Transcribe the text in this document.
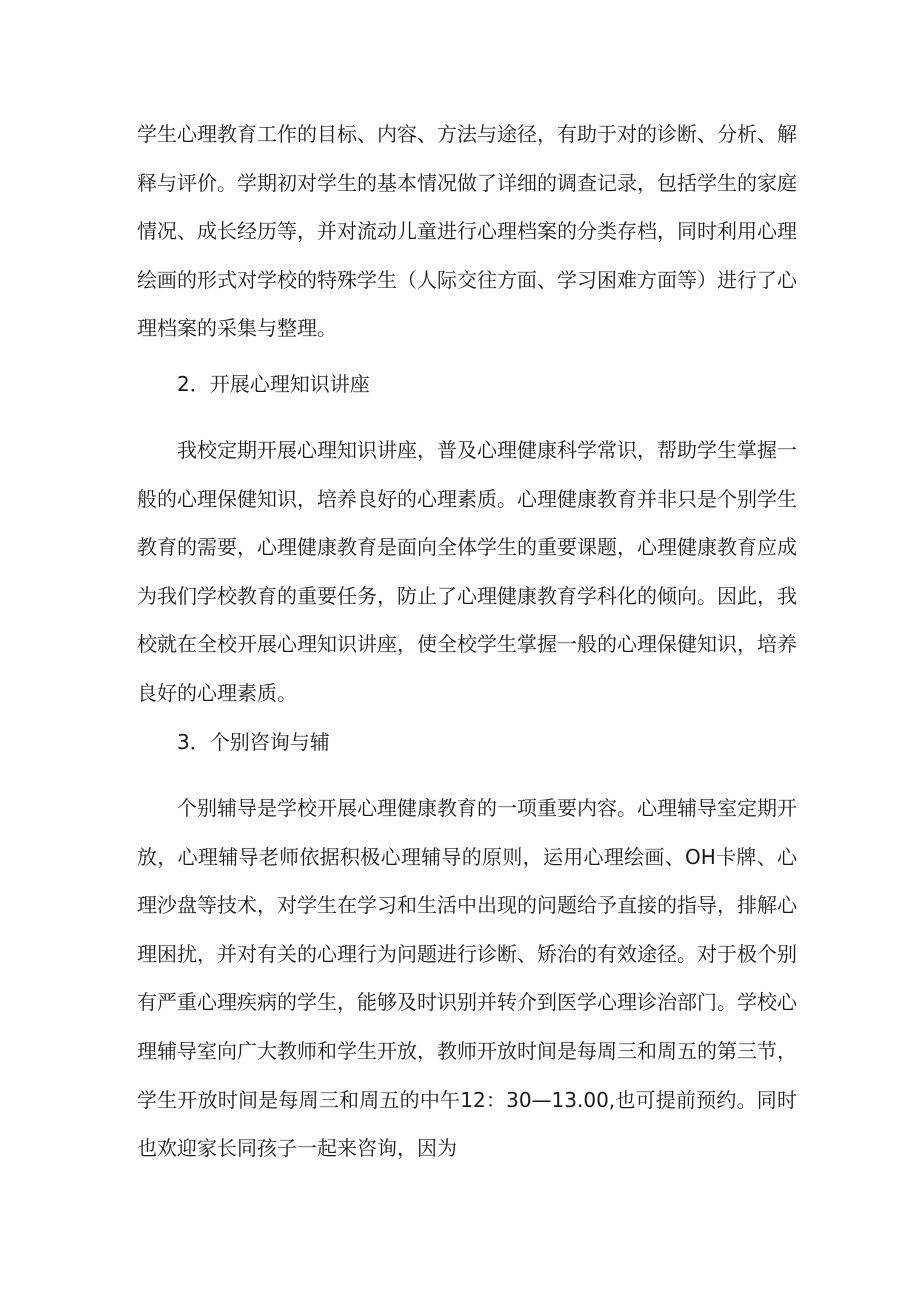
学生心理教育工作的目标、内容、方法与途径，有助于对的诊断、分析、解释与评价。学期初对学生的基本情况做了详细的调查记录，包括学生的家庭情况、成长经历等，并对流动儿童进行心理档案的分类存档，同时利用心理绘画的形式对学校的特殊学生（人际交往方面、学习困难方面等）进行了心理档案的采集与整理。

2．开展心理知识讲座

我校定期开展心理知识讲座，普及心理健康科学常识，帮助学生掌握一般的心理保健知识，培养良好的心理素质。心理健康教育并非只是个别学生教育的需要，心理健康教育是面向全体学生的重要课题，心理健康教育应成为我们学校教育的重要任务，防止了心理健康教育学科化的倾向。因此，我校就在全校开展心理知识讲座，使全校学生掌握一般的心理保健知识，培养良好的心理素质。

3．个别咨询与辅

个别辅导是学校开展心理健康教育的一项重要内容。心理辅导室定期开放，心理辅导老师依据积极心理辅导的原则，运用心理绘画、OH卡牌、心理沙盘等技术，对学生在学习和生活中出现的问题给予直接的指导，排解心理困扰，并对有关的心理行为问题进行诊断、矫治的有效途径。对于极个别有严重心理疾病的学生，能够及时识别并转介到医学心理诊治部门。学校心理辅导室向广大教师和学生开放，教师开放时间是每周三和周五的第三节，学生开放时间是每周三和周五的中午12：30—13.00,也可提前预约。同时也欢迎家长同孩子一起来咨询，因为
